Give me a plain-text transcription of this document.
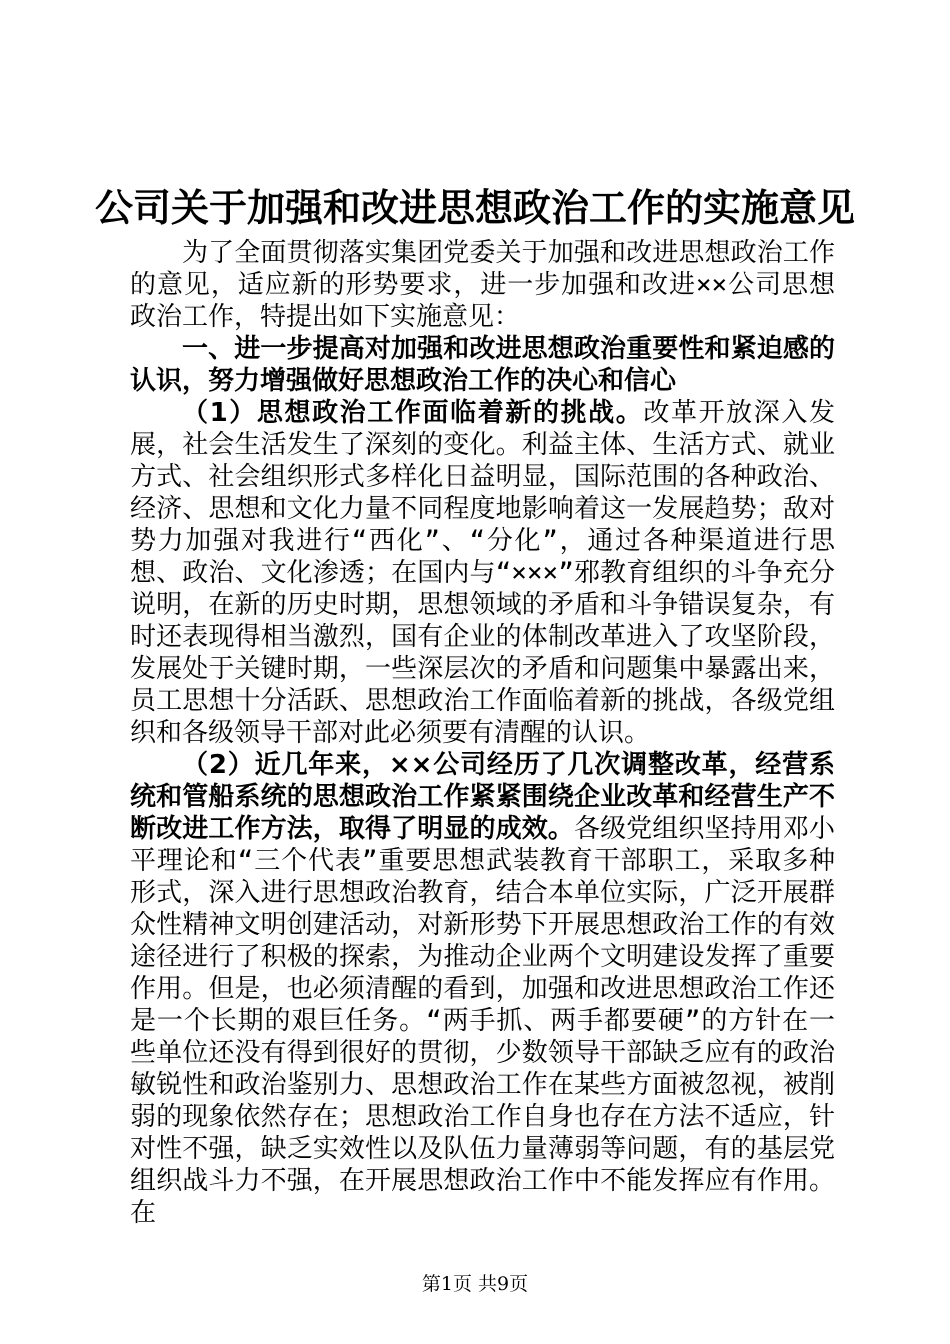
公司关于加强和改进思想政治工作的实施意见

为了全面贯彻落实集团党委关于加强和改进思想政治工作的意见，适应新的形势要求，进一步加强和改进××公司思想政治工作，特提出如下实施意见：

一、进一步提高对加强和改进思想政治重要性和紧迫感的认识，努力增强做好思想政治工作的决心和信心

（1）思想政治工作面临着新的挑战。改革开放深入发展，社会生活发生了深刻的变化。利益主体、生活方式、就业方式、社会组织形式多样化日益明显，国际范围的各种政治、经济、思想和文化力量不同程度地影响着这一发展趋势；敌对势力加强对我进行“西化”、“分化”，通过各种渠道进行思想、政治、文化渗透；在国内与“×××”邪教育组织的斗争充分说明，在新的历史时期，思想领域的矛盾和斗争错误复杂，有时还表现得相当激烈，国有企业的体制改革进入了攻坚阶段，发展处于关键时期，一些深层次的矛盾和问题集中暴露出来，员工思想十分活跃、思想政治工作面临着新的挑战，各级党组织和各级领导干部对此必须要有清醒的认识。

（2）近几年来，××公司经历了几次调整改革，经营系统和管船系统的思想政治工作紧紧围绕企业改革和经营生产不断改进工作方法，取得了明显的成效。各级党组织坚持用邓小平理论和“三个代表”重要思想武装教育干部职工，采取多种形式，深入进行思想政治教育，结合本单位实际，广泛开展群众性精神文明创建活动，对新形势下开展思想政治工作的有效途径进行了积极的探索，为推动企业两个文明建设发挥了重要作用。但是，也必须清醒的看到，加强和改进思想政治工作还是一个长期的艰巨任务。“两手抓、两手都要硬”的方针在一些单位还没有得到很好的贯彻，少数领导干部缺乏应有的政治敏锐性和政治鉴别力、思想政治工作在某些方面被忽视，被削弱的现象依然存在；思想政治工作自身也存在方法不适应，针对性不强，缺乏实效性以及队伍力量薄弱等问题，有的基层党组织战斗力不强，在开展思想政治工作中不能发挥应有作用。在

第1页 共9页
